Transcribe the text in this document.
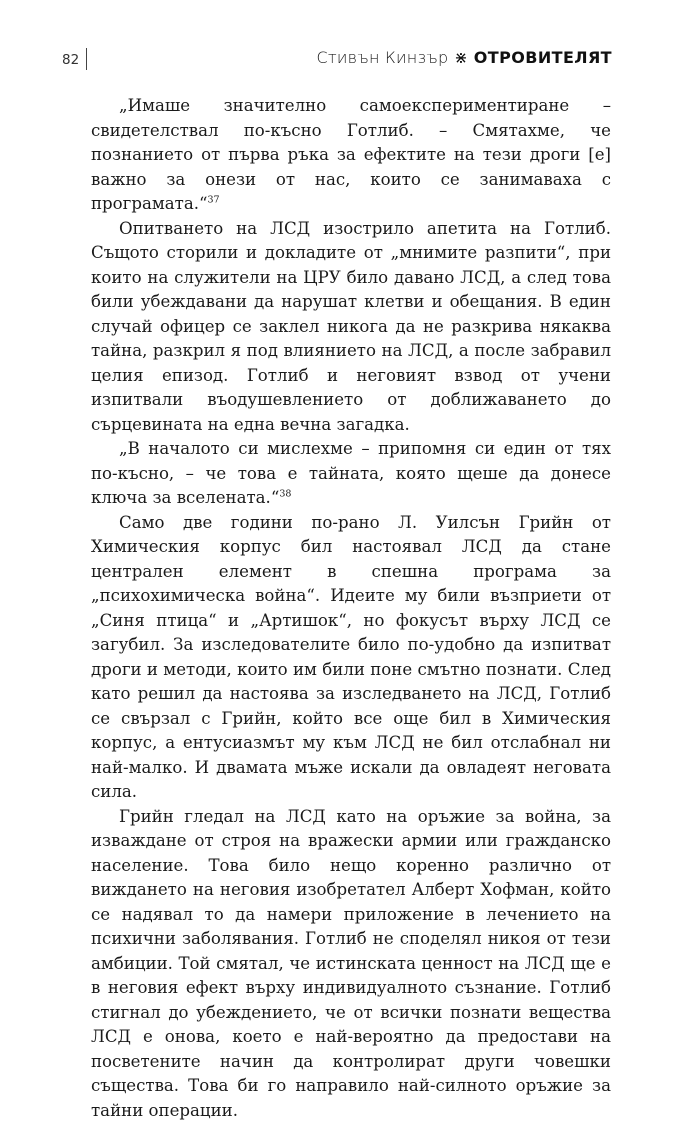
82	Стивън Кинзър ⋇ ОТРОВИТЕЛЯТ

„Имаше значително самоекспериментиране – свидетелствал по-късно Готлиб. – Смятахме, че познанието от първа ръка за ефектите на тези дроги [е] важно за онези от нас, които се занимаваха с програмата.“$^{37}$

Опитването на ЛСД изострило апетита на Готлиб. Същото сторили и докладите от „мнимите разпити“, при които на служители на ЦРУ било давано ЛСД, а след това били убеждавани да нарушат клетви и обещания. В един случай офицер се заклел никога да не разкрива някаква тайна, разкрил я под влиянието на ЛСД, а после забравил целия епизод. Готлиб и неговият взвод от учени изпитвали въодушевлението от доближаването до сърцевината на една вечна загадка.

„В началото си мислехме – припомня си един от тях по-късно, – че това е тайната, която щеше да донесе ключа за вселената.“$^{38}$

Само две години по-рано Л. Уилсън Грийн от Химическия корпус бил настоявал ЛСД да стане централен елемент в спешна програма за „психохимическа война“. Идеите му били възприети от „Синя птица“ и „Артишок“, но фокусът върху ЛСД се загубил. За изследователите било по-удобно да изпитват дроги и методи, които им били поне смътно познати. След като решил да настоява за изследването на ЛСД, Готлиб се свързал с Грийн, който все още бил в Химическия корпус, а ентусиазмът му към ЛСД не бил отслабнал ни най-малко. И двамата мъже искали да овладеят неговата сила.

Грийн гледал на ЛСД като на оръжие за война, за изваждане от строя на вражески армии или гражданско население. Това било нещо коренно различно от виждането на неговия изобретател Алберт Хофман, който се надявал то да намери приложение в лечението на психични заболявания. Готлиб не споделял никоя от тези амбиции. Той смятал, че истинската ценност на ЛСД ще е в неговия ефект върху индивидуалното съзнание. Готлиб стигнал до убеждението, че от всички познати вещества ЛСД е онова, което е най-вероятно да предостави на посветените начин да контролират други човешки същества. Това би го направило най-силното оръжие за тайни операции.
